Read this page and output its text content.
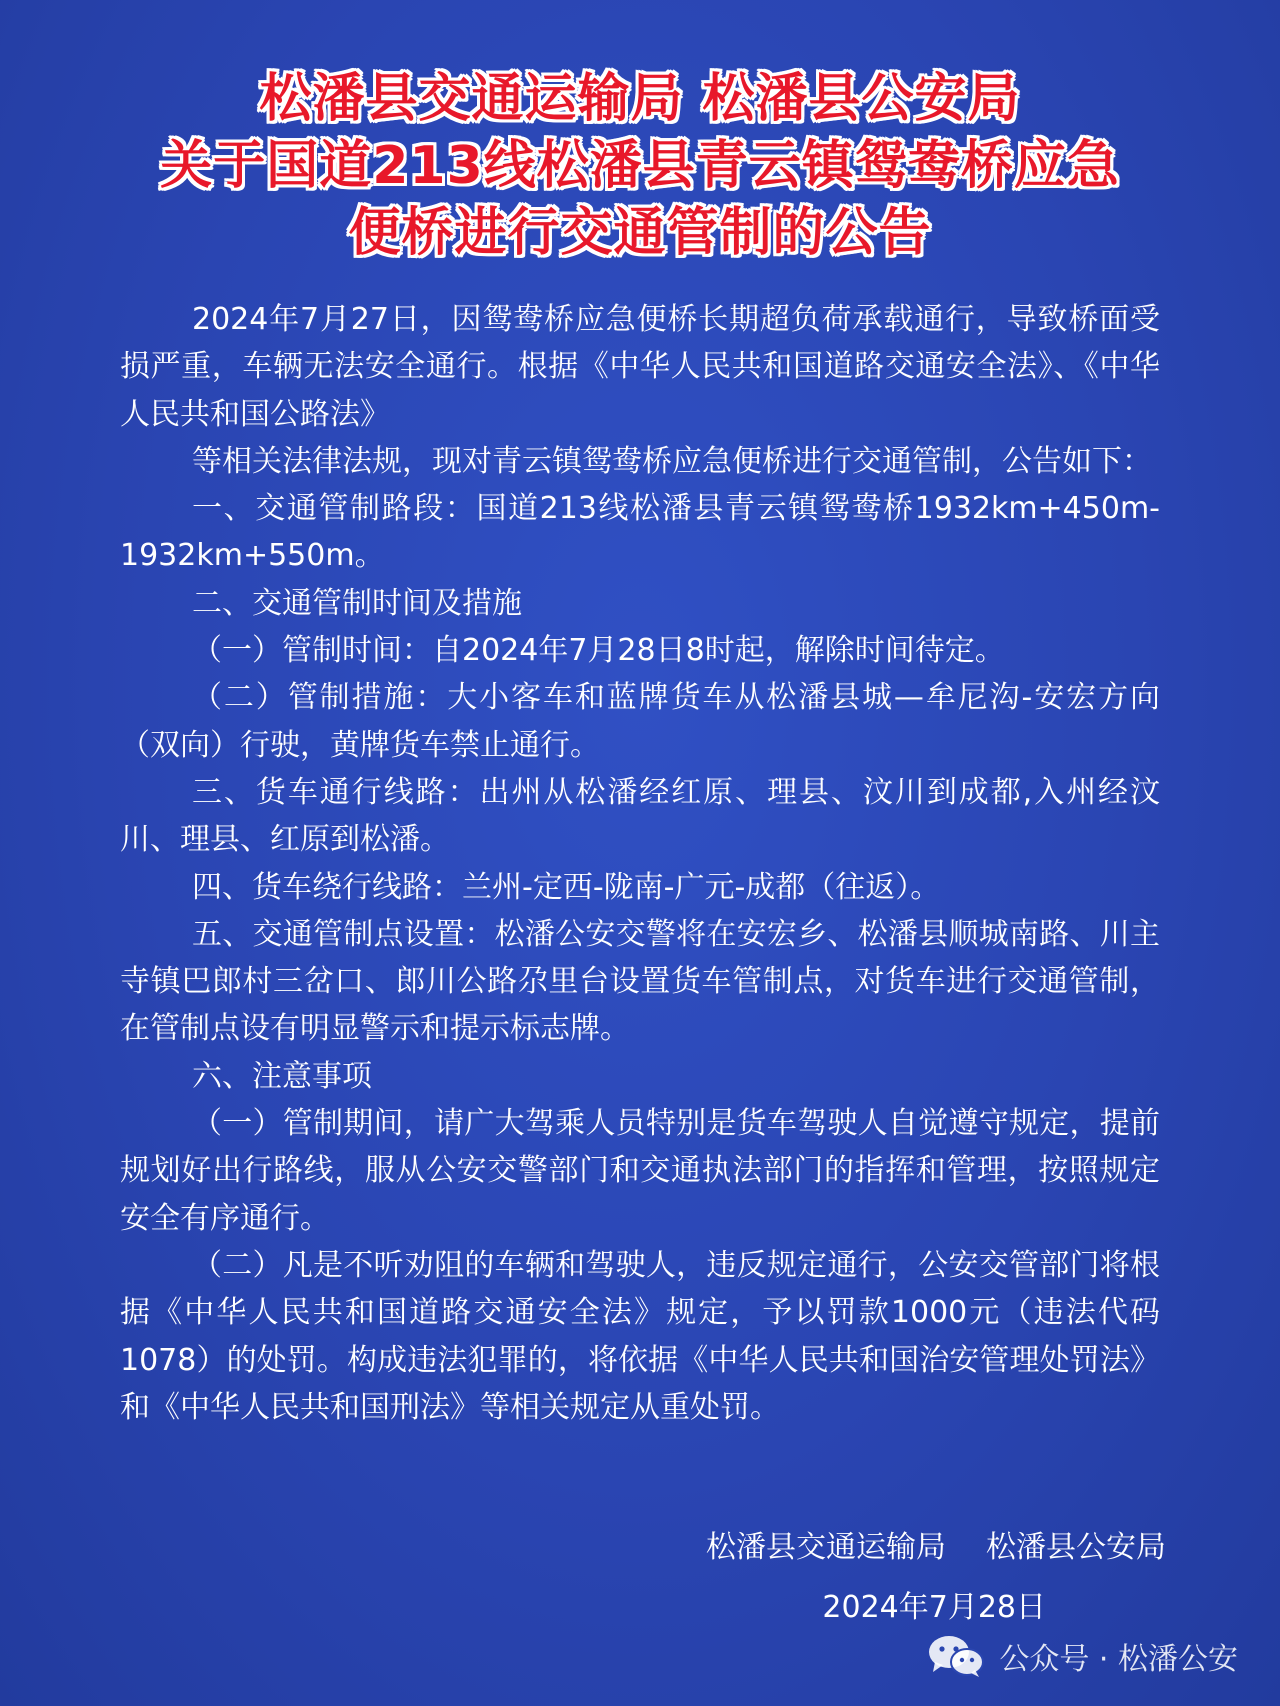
松潘县交通运输局 松潘县公安局
关于国道213线松潘县青云镇鸳鸯桥应急
便桥进行交通管制的公告

2024年7月27日，因鸳鸯桥应急便桥长期超负荷承载通行，导致桥面受损严重，车辆无法安全通行。根据《中华人民共和国道路交通安全法》、《中华人民共和国公路法》

等相关法律法规，现对青云镇鸳鸯桥应急便桥进行交通管制，公告如下：

一、交通管制路段：国道213线松潘县青云镇鸳鸯桥1932km+450m-1932km+550m。

二、交通管制时间及措施

（一）管制时间：自2024年7月28日8时起，解除时间待定。

（二）管制措施：大小客车和蓝牌货车从松潘县城—牟尼沟-安宏方向（双向）行驶，黄牌货车禁止通行。

三、货车通行线路：出州从松潘经红原、理县、汶川到成都,入州经汶川、理县、红原到松潘。

四、货车绕行线路：兰州-定西-陇南-广元-成都（往返）。

五、交通管制点设置：松潘公安交警将在安宏乡、松潘县顺城南路、川主寺镇巴郎村三岔口、郎川公路尕里台设置货车管制点，对货车进行交通管制，在管制点设有明显警示和提示标志牌。

六、注意事项

（一）管制期间，请广大驾乘人员特别是货车驾驶人自觉遵守规定，提前规划好出行路线，服从公安交警部门和交通执法部门的指挥和管理，按照规定安全有序通行。

（二）凡是不听劝阻的车辆和驾驶人，违反规定通行，公安交管部门将根据《中华人民共和国道路交通安全法》规定，予以罚款1000元（违法代码1078）的处罚。构成违法犯罪的，将依据《中华人民共和国治安管理处罚法》和《中华人民共和国刑法》等相关规定从重处罚。

松潘县交通运输局 松潘县公安局
2024年7月28日
公众号 · 松潘公安
